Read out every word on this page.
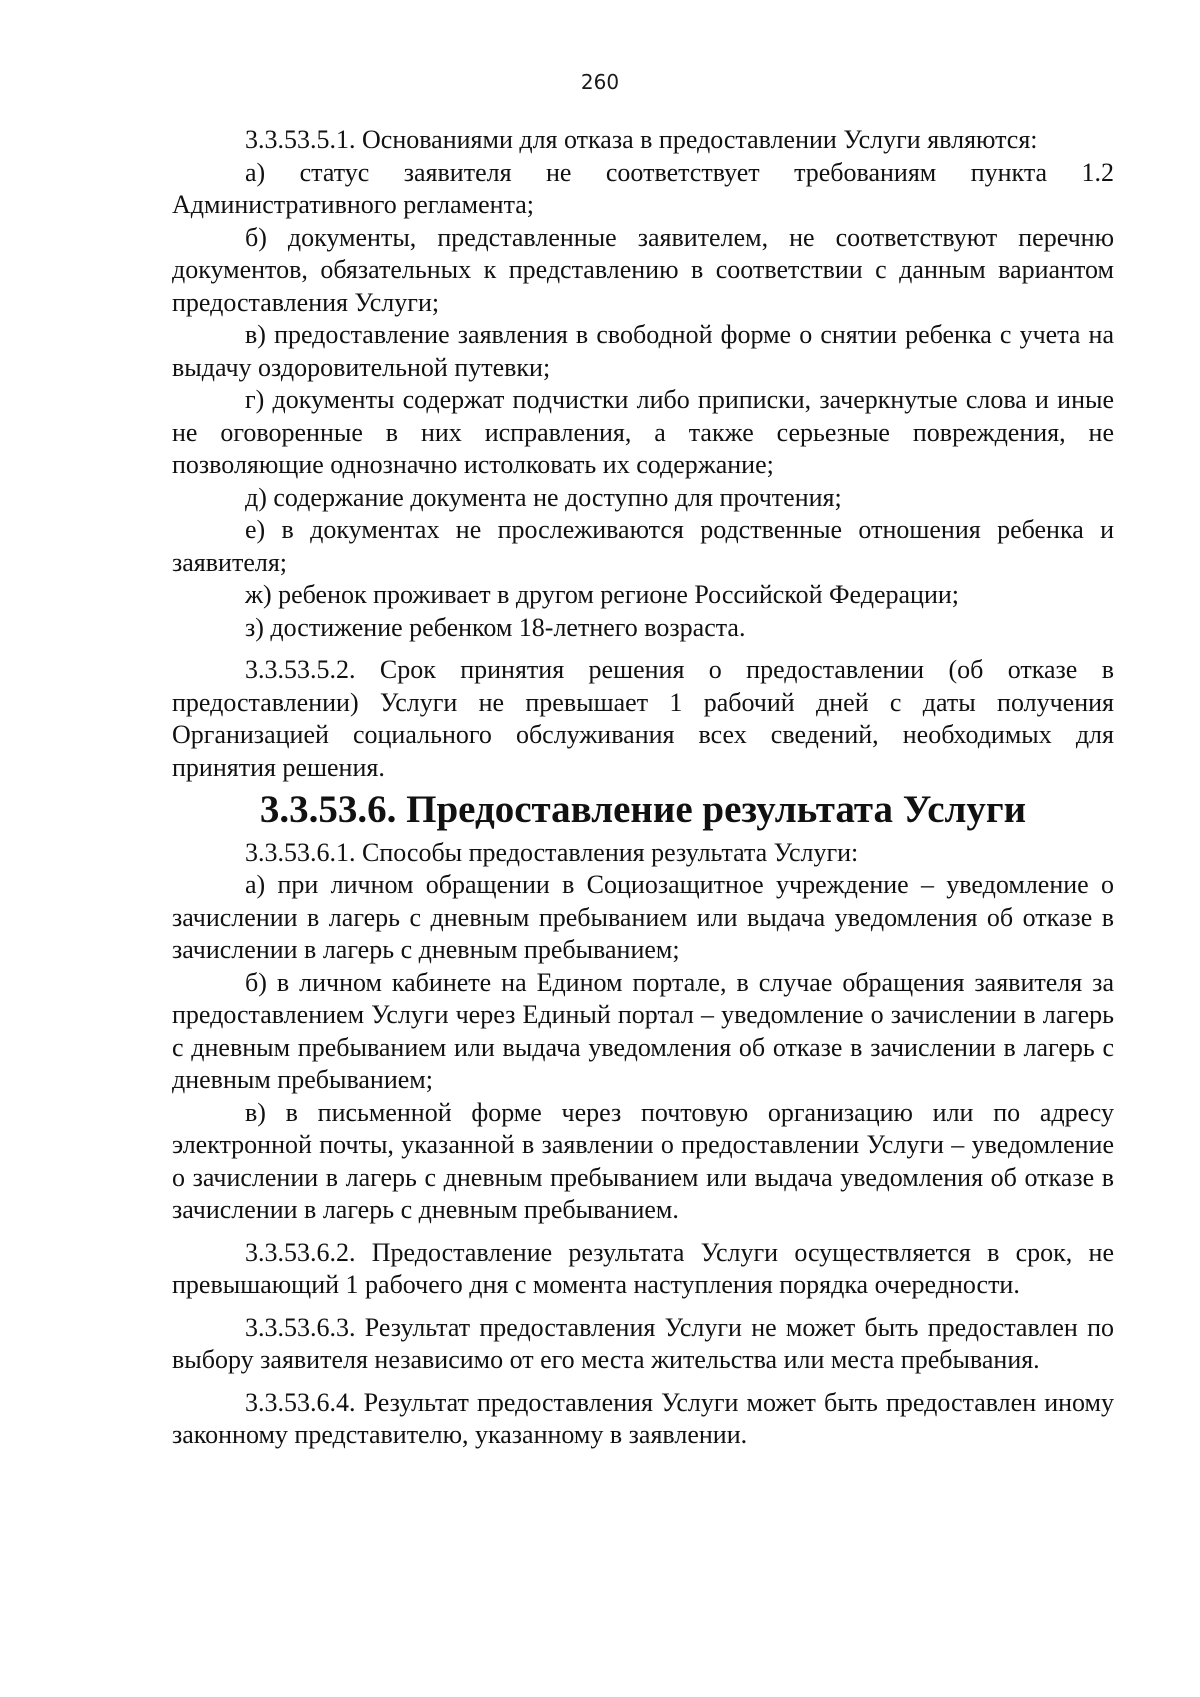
260

3.3.53.5.1. Основаниями для отказа в предоставлении Услуги являются:

а) статус заявителя не соответствует требованиям пункта 1.2 Административного регламента;

б) документы, представленные заявителем, не соответствуют перечню документов, обязательных к представлению в соответствии с данным вариантом предоставления Услуги;

в) предоставление заявления в свободной форме о снятии ребенка с учета на выдачу оздоровительной путевки;

г) документы содержат подчистки либо приписки, зачеркнутые слова и иные не оговоренные в них исправления, а также серьезные повреждения, не позволяющие однозначно истолковать их содержание;

д) содержание документа не доступно для прочтения;

е) в документах не прослеживаются родственные отношения ребенка и заявителя;

ж) ребенок проживает в другом регионе Российской Федерации;

з) достижение ребенком 18-летнего возраста.

3.3.53.5.2. Срок принятия решения о предоставлении (об отказе в предоставлении) Услуги не превышает 1 рабочий дней с даты получения Организацией социального обслуживания всех сведений, необходимых для принятия решения.

3.3.53.6. Предоставление результата Услуги

3.3.53.6.1. Способы предоставления результата Услуги:

а) при личном обращении в Социозащитное учреждение – уведомление о зачислении в лагерь с дневным пребыванием или выдача уведомления об отказе в зачислении в лагерь с дневным пребыванием;

б) в личном кабинете на Едином портале, в случае обращения заявителя за предоставлением Услуги через Единый портал – уведомление о зачислении в лагерь с дневным пребыванием или выдача уведомления об отказе в зачислении в лагерь с дневным пребыванием;

в) в письменной форме через почтовую организацию или по адресу электронной почты, указанной в заявлении о предоставлении Услуги – уведомление о зачислении в лагерь с дневным пребыванием или выдача уведомления об отказе в зачислении в лагерь с дневным пребыванием.

3.3.53.6.2. Предоставление результата Услуги осуществляется в срок, не превышающий 1 рабочего дня с момента наступления порядка очередности.

3.3.53.6.3. Результат предоставления Услуги не может быть предоставлен по выбору заявителя независимо от его места жительства или места пребывания.

3.3.53.6.4. Результат предоставления Услуги может быть предоставлен иному законному представителю, указанному в заявлении.
